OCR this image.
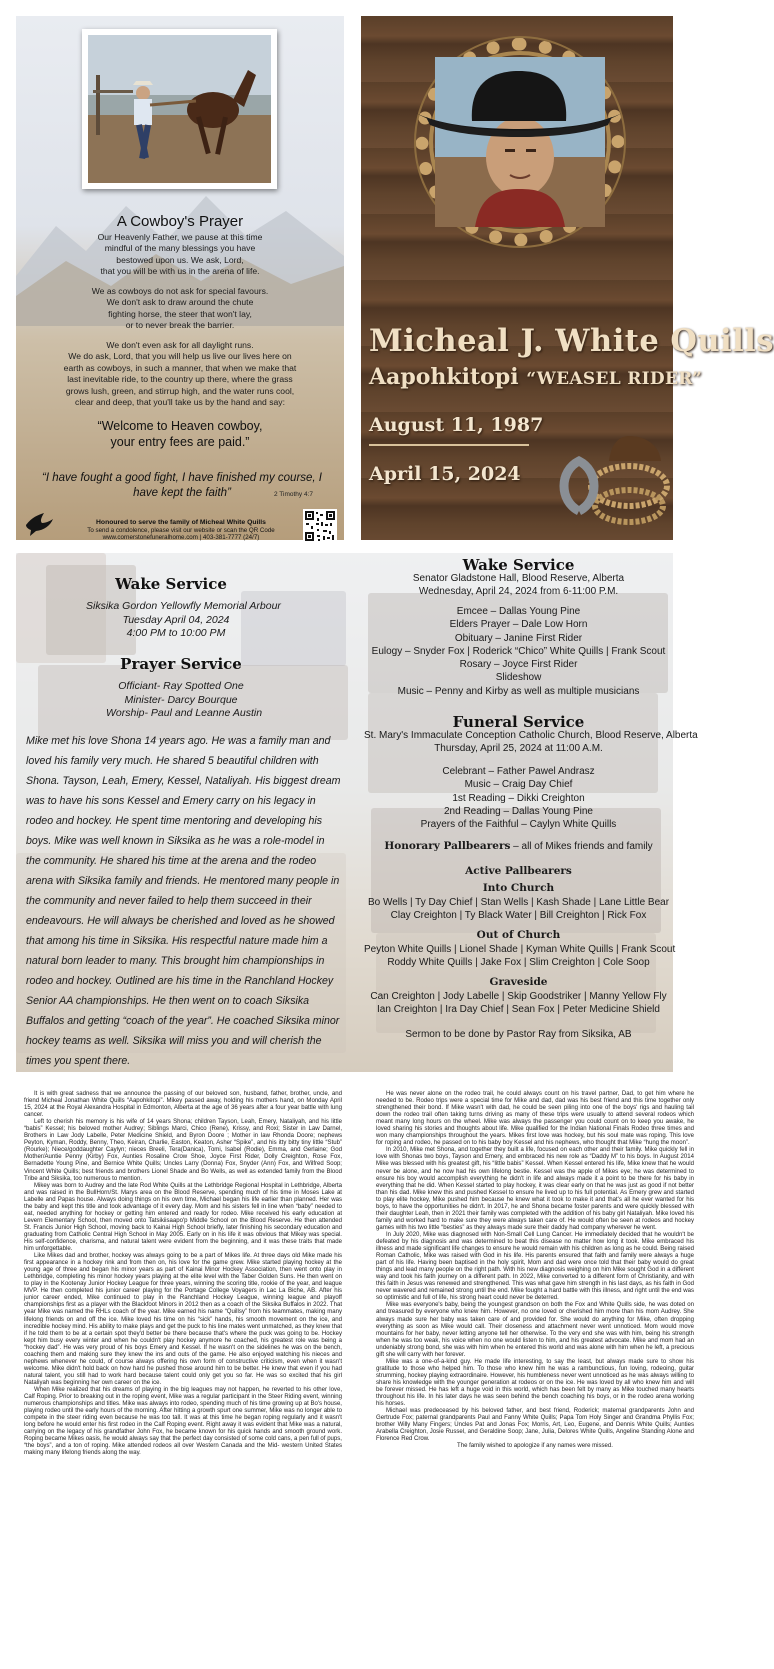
A Cowboy's Prayer
Our Heavenly Father, we pause at this time
mindful of the many blessings you have
bestowed upon us. We ask, Lord,
that you will be with us in the arena of life.
We as cowboys do not ask for special favours.
We don't ask to draw around the chute
fighting horse, the steer that won't lay,
or to never break the barrier.
We don't even ask for all daylight runs.
We do ask, Lord, that you will help us live our lives here on
earth as cowboys, in such a manner, that when we make that
last inevitable ride, to the country up there, where the grass
grows lush, green, and stirrup high, and the water runs cool,
clear and deep, that you'll take us by the hand and say:
“Welcome to Heaven cowboy,
your entry fees are paid.”
“I have fought a good fight, I have finished my course, I have kept the faith”	2 Timothy 4:7
Honoured to serve the family of Micheal White Quills
To send a condolence, please visit our website or scan the QR Code
www.cornerstonefuneralhome.com | 403-381-7777 (24/7)
Micheal J. White Quills
Aapohkitopi “WEASEL RIDER”
August 11, 1987
April 15, 2024
Wake Service
Siksika Gordon Yellowfly Memorial Arbour
Tuesday April 04, 2024
4:00 PM to 10:00 PM
Prayer Service
Officiant- Ray Spotted One
Minister- Darcy Bourque
Worship- Paul and Leanne Austin
Mike met his love Shona 14 years ago. He was a family man and loved his family very much. He shared 5 beautiful children with Shona. Tayson, Leah, Emery, Kessel, Nataliyah. His biggest dream was to have his sons Kessel and Emery carry on his legacy in rodeo and hockey. He spent time mentoring and developing his boys. Mike was well known in Siksika as he was a role-model in the community. He shared his time at the arena and the rodeo arena with Siksika family and friends. He mentored many people in the community and never failed to help them succeed in their endeavours. He will always be cherished and loved as he showed that among his time in Siksika. His respectful nature made him a natural born leader to many. This brought him championships in rodeo and hockey. Outlined are his time in the Ranchland Hockey Senior AA championships. He then went on to coach Siksika Buffalos and getting “coach of the year”. He coached Siksika minor hockey teams as well. Siksika will miss you and will cherish the times you spent there.
Wake Service
Senator Gladstone Hall, Blood Reserve, Alberta
Wednesday, April 24, 2024 from 6-11:00 P.M.
Emcee – Dallas Young Pine
Elders Prayer – Dale Low Horn
Obituary – Janine First Rider
Eulogy – Snyder Fox | Roderick “Chico” White Quills | Frank Scout
Rosary – Joyce First Rider
Slideshow
Music – Penny and Kirby as well as multiple musicians
Funeral Service
St. Mary's Immaculate Conception Catholic Church, Blood Reserve, Alberta
Thursday, April 25, 2024 at 11:00 A.M.
Celebrant – Father Pawel Andrasz
Music – Craig Day Chief
1st Reading – Dikki Creighton
2nd Reading – Dallas Young Pine
Prayers of the Faithful – Caylyn White Quills
Honorary Pallbearers – all of Mikes friends and family
Active Pallbearers
Into Church
Bo Wells | Ty Day Chief | Stan Wells | Kash Shade | Lane Little Bear
Clay Creighton | Ty Black Water | Bill Creighton | Rick Fox
Out of Church
Peyton White Quills | Lionel Shade | Kyman White Quills | Frank Scout
Roddy White Quills | Jake Fox | Slim Creighton | Cole Soop
Graveside
Can Creighton | Jody Labelle | Skip Goodstriker | Manny Yellow Fly
Ian Creighton | Ira Day Chief | Sean Fox | Peter Medicine Shield
Sermon to be done by Pastor Ray from Siksika, AB

It is with great sadness that we announce the passing of our beloved son, husband, father, brother, uncle, and friend Micheal Jonathan White Quills “Aapohkitopi”. Mikey passed away, holding his mothers hand, on Monday April 15, 2024 at the Royal Alexandra Hospital in Edmonton, Alberta at the age of 36 years after a four year battle with lung cancer.

Left to cherish his memory is his wife of 14 years Shona; children Tayson, Leah, Emery, Nataliyah, and his little “babis” Kessel; his beloved mother Audrey; Siblings Marci, Chico (Rene), Krissy, and Roxi; Sister in Law Darnel, Brothers in Law Jody Labelle, Peter Medicine Shield, and Byron Doore ; Mother in law Rhonda Doore; nephews Peyton, Kyman, Roddy, Benny, Theo, Keiran, Charlie, Easton, Keaton, Asher “Spike”, and his itty bitty tiny little “Stub” (Rourke); Niece/goddaughter Caylyn; nieces Breeli, Tera(Danica), Tomi, Isabel (Rodie), Emma, and Gerlaine; God Mother/Auntie Penny (Kirby) Fox, Aunties Rosaline Crow Shoe, Joyce First Rider, Dolly Creighton, Rose Fox, Bernadette Young Pine, and Bernice White Quills; Uncles Larry (Donna) Fox, Snyder (Ann) Fox, and Wilfred Soop; Vincent White Quills; best friends and brothers Lionel Shade and Bo Wells, as well as extended family from the Blood Tribe and Siksika, too numerous to mention.

Mikey was born to Audrey and the late Rod White Quills at the Lethbridge Regional Hospital in Lethbridge, Alberta and was raised in the BullHorn/St. Marys area on the Blood Reserve, spending much of his time in Moses Lake at Labelle and Papas house. Always doing things on his own time, Michael began his life earlier than planned. Her was the baby and kept this title and took advantage of it every day. Mom and his sisters fell in line when “baby” needed to eat, needed anything for hockey or getting him entered and ready for rodeo. Mike received his early education at Levern Elementary School, then moved onto Tatsikiisaapo'p Middle School on the Blood Reserve. He then attended St. Francis Junior High School, moving back to Kainai High School briefly, later finishing his secondary education and graduating from Catholic Central High School in May 2005. Early on in his life it was obvious that Mikey was special. His self-confidence, charisma, and natural talent were evident from the beginning, and it was these traits that made him unforgettable.

Like Mikes dad and brother, hockey was always going to be a part of Mikes life. At three days old Mike made his first appearance in a hockey rink and from then on, his love for the game grew. Mike started playing hockey at the young age of three and began his minor years as part of Kainai Minor Hockey Association, then went onto play in Lethbridge, completing his minor hockey years playing at the elite level with the Taber Golden Suns. He then went on to play in the Kootenay Junior Hockey League for three years, winning the scoring title, rookie of the year, and league MVP. He then completed his junior career playing for the Portage College Voyagers in Lac La Biche, AB. After his junior career ended, Mike continued to play in the Ranchland Hockey League, winning league and playoff championships first as a player with the Blackfoot Minors in 2012 then as a coach of the Siksika Buffalos in 2022. That year Mike was named the RHLs coach of the year. Mike earned his name “Quillsy” from his teammates, making many lifelong friends on and off the ice. Mike loved his time on his “sick” hands, his smooth movement on the ice, and incredible hockey mind. His ability to make plays and get the puck to his line mates went unmatched, as they knew that if he told them to be at a certain spot they'd better be there because that's where the puck was going to be. Hockey kept him busy every winter and when he couldn't play hockey anymore he coached, his greatest role was being a “hockey dad”. He was very proud of his boys Emery and Kessel. If he wasn't on the sidelines he was on the bench, coaching them and making sure they knew the ins and outs of the game. He also enjoyed watching his nieces and nephews whenever he could, of course always offering his own form of constructive criticism, even when it wasn't welcome. Mike didn't hold back on how hard he pushed those around him to be better. He knew that even if you had natural talent, you still had to work hard because talent could only get you so far. He was so excited that his girl Nataliyah was beginning her own career on the ice.

When Mike realized that his dreams of playing in the big leagues may not happen, he reverted to his other love, Calf Roping. Prior to breaking out in the roping event, Mike was a regular participant in the Steer Riding event, winning numerous championships and titles. Mike was always into rodeo, spending much of his time growing up at Bo's house, playing rodeo until the early hours of the morning. After hitting a growth spurt one summer, Mike was no longer able to compete in the steer riding even because he was too tall. It was at this time he began roping regularly and it wasn't long before he would enter his first rodeo in the Calf Roping event. Right away it was evident that Mike was a natural, carrying on the legacy of his grandfather John Fox, he became known for his quick hands and smooth ground work. Roping became Mikes oasis, he would always say that the perfect day consisted of some cold cans, a pen full of pups, “the boys”, and a ton of roping. Mike attended rodeos all over Western Canada and the Mid- western United States making many lifelong friends along the way.

He was never alone on the rodeo trail, he could always count on his travel partner, Dad, to get him where he needed to be. Rodeo trips were a special time for Mike and dad, dad was his best friend and this time together only strengthened their bond. If Mike wasn't with dad, he could be seen piling into one of the boys' rigs and hauling tail down the rodeo trail often taking turns driving as many of these trips were usually to attend several rodeos which meant many long hours on the wheel. Mike was always the passenger you could count on to keep you awake, he loved sharing his stories and thoughts about life. Mike qualified for the Indian National Finals Rodeo three times and won many championships throughout the years. Mikes first love was hockey, but his soul mate was roping. This love for roping and rodeo, he passed on to his baby boy Kessel and his nephews, who thought that Mike “hung the moon”.

In 2010, Mike met Shona, and together they built a life, focused on each other and their family. Mike quickly fell in love with Shonas two boys, Tayson and Emery, and embraced his new role as “Daddy M” to his boys. In August 2014 Mike was blessed with his greatest gift, his “little babis” Kessel. When Kessel entered his life, Mike knew that he would never be alone, and he now had his own lifelong bestie. Kessel was the apple of Mikes eye; he was determined to ensure his boy would accomplish everything he didn't in life and always made it a point to be there for his baby in everything that he did. When Kessel started to play hockey, it was clear early on that he was just as good if not better than his dad. Mike knew this and pushed Kessel to ensure he lived up to his full potential. As Emery grew and started to play elite hockey, Mike pushed him because he knew what it took to make it and that's all he ever wanted for his boys, to have the opportunities he didn't. In 2017, he and Shona became foster parents and were quickly blessed with their daughter Leah, then in 2021 their family was completed with the addition of his baby girl Nataliyah. Mike loved his family and worked hard to make sure they were always taken care of. He would often be seen at rodeos and hockey games with his two little “besties” as they always made sure their daddy had company wherever he went.

In July 2020, Mike was diagnosed with Non-Small Cell Lung Cancer. He immediately decided that he wouldn't be defeated by his diagnosis and was determined to beat this disease no matter how long it took. Mike embraced his illness and made significant life changes to ensure he would remain with his children as long as he could. Being raised Roman Catholic, Mike was raised with God in his life. His parents ensured that faith and family were always a huge part of his life. Having been baptised in the holy spirit, Mom and dad were once told that their baby would do great things and lead many people on the right path. With his new diagnosis weighing on him Mike sought God in a different way and took his faith journey on a different path. In 2022, Mike converted to a different form of Christianity, and with this faith in Jesus was renewed and strengthened. This was what gave him strength in his last days, as his faith in God never wavered and remained strong until the end. Mike fought a hard battle with this illness, and right until the end was so optimistic and full of life, his strong heart could never be deterred.

Mike was everyone's baby, being the youngest grandson on both the Fox and White Quills side, he was doted on and treasured by everyone who knew him. However, no one loved or cherished him more than his mom Audrey. She always made sure her baby was taken care of and provided for. She would do anything for Mike, often dropping everything as soon as Mike would call. Their closeness and attachment never went unnoticed. Mom would move mountains for her baby, never letting anyone tell her otherwise. To the very end she was with him, being his strength when he was too weak, his voice when no one would listen to him, and his greatest advocate. Mike and mom had an undeniably strong bond, she was with him when he entered this world and was alone with him when he left, a precious gift she will carry with her forever.

Mike was a one-of-a-kind guy. He made life interesting, to say the least, but always made sure to show his gratitude to those who helped him. To those who knew him he was a rambunctious, fun loving, rodeoing, guitar strumming, hockey playing extraordinaire. However, his humbleness never went unnoticed as he was always willing to share his knowledge with the younger generation at rodeos or on the ice. He was loved by all who knew him and will be forever missed. He has left a huge void in this world, which has been felt by many as Mike touched many hearts throughout his life. In his later days he was seen behind the bench coaching his boys, or in the rodeo arena working his horses.

Michael was predeceased by his beloved father, and best friend, Roderick; maternal grandparents John and Gertrude Fox; paternal grandparents Paul and Fanny White Quills; Papa Tom Holy Singer and Grandma Phyllis Fox; brother Willy Many Fingers; Uncles Pat and Jonas Fox; Morris, Art, Leo, Eugene, and Dennis White Quills; Aunties Arabella Creighton, Josie Russel, and Geraldine Soop; Jane, Julia, Delores White Quills, Angeline Standing Alone and Florence Red Crow.

The family wished to apologize if any names were missed.
